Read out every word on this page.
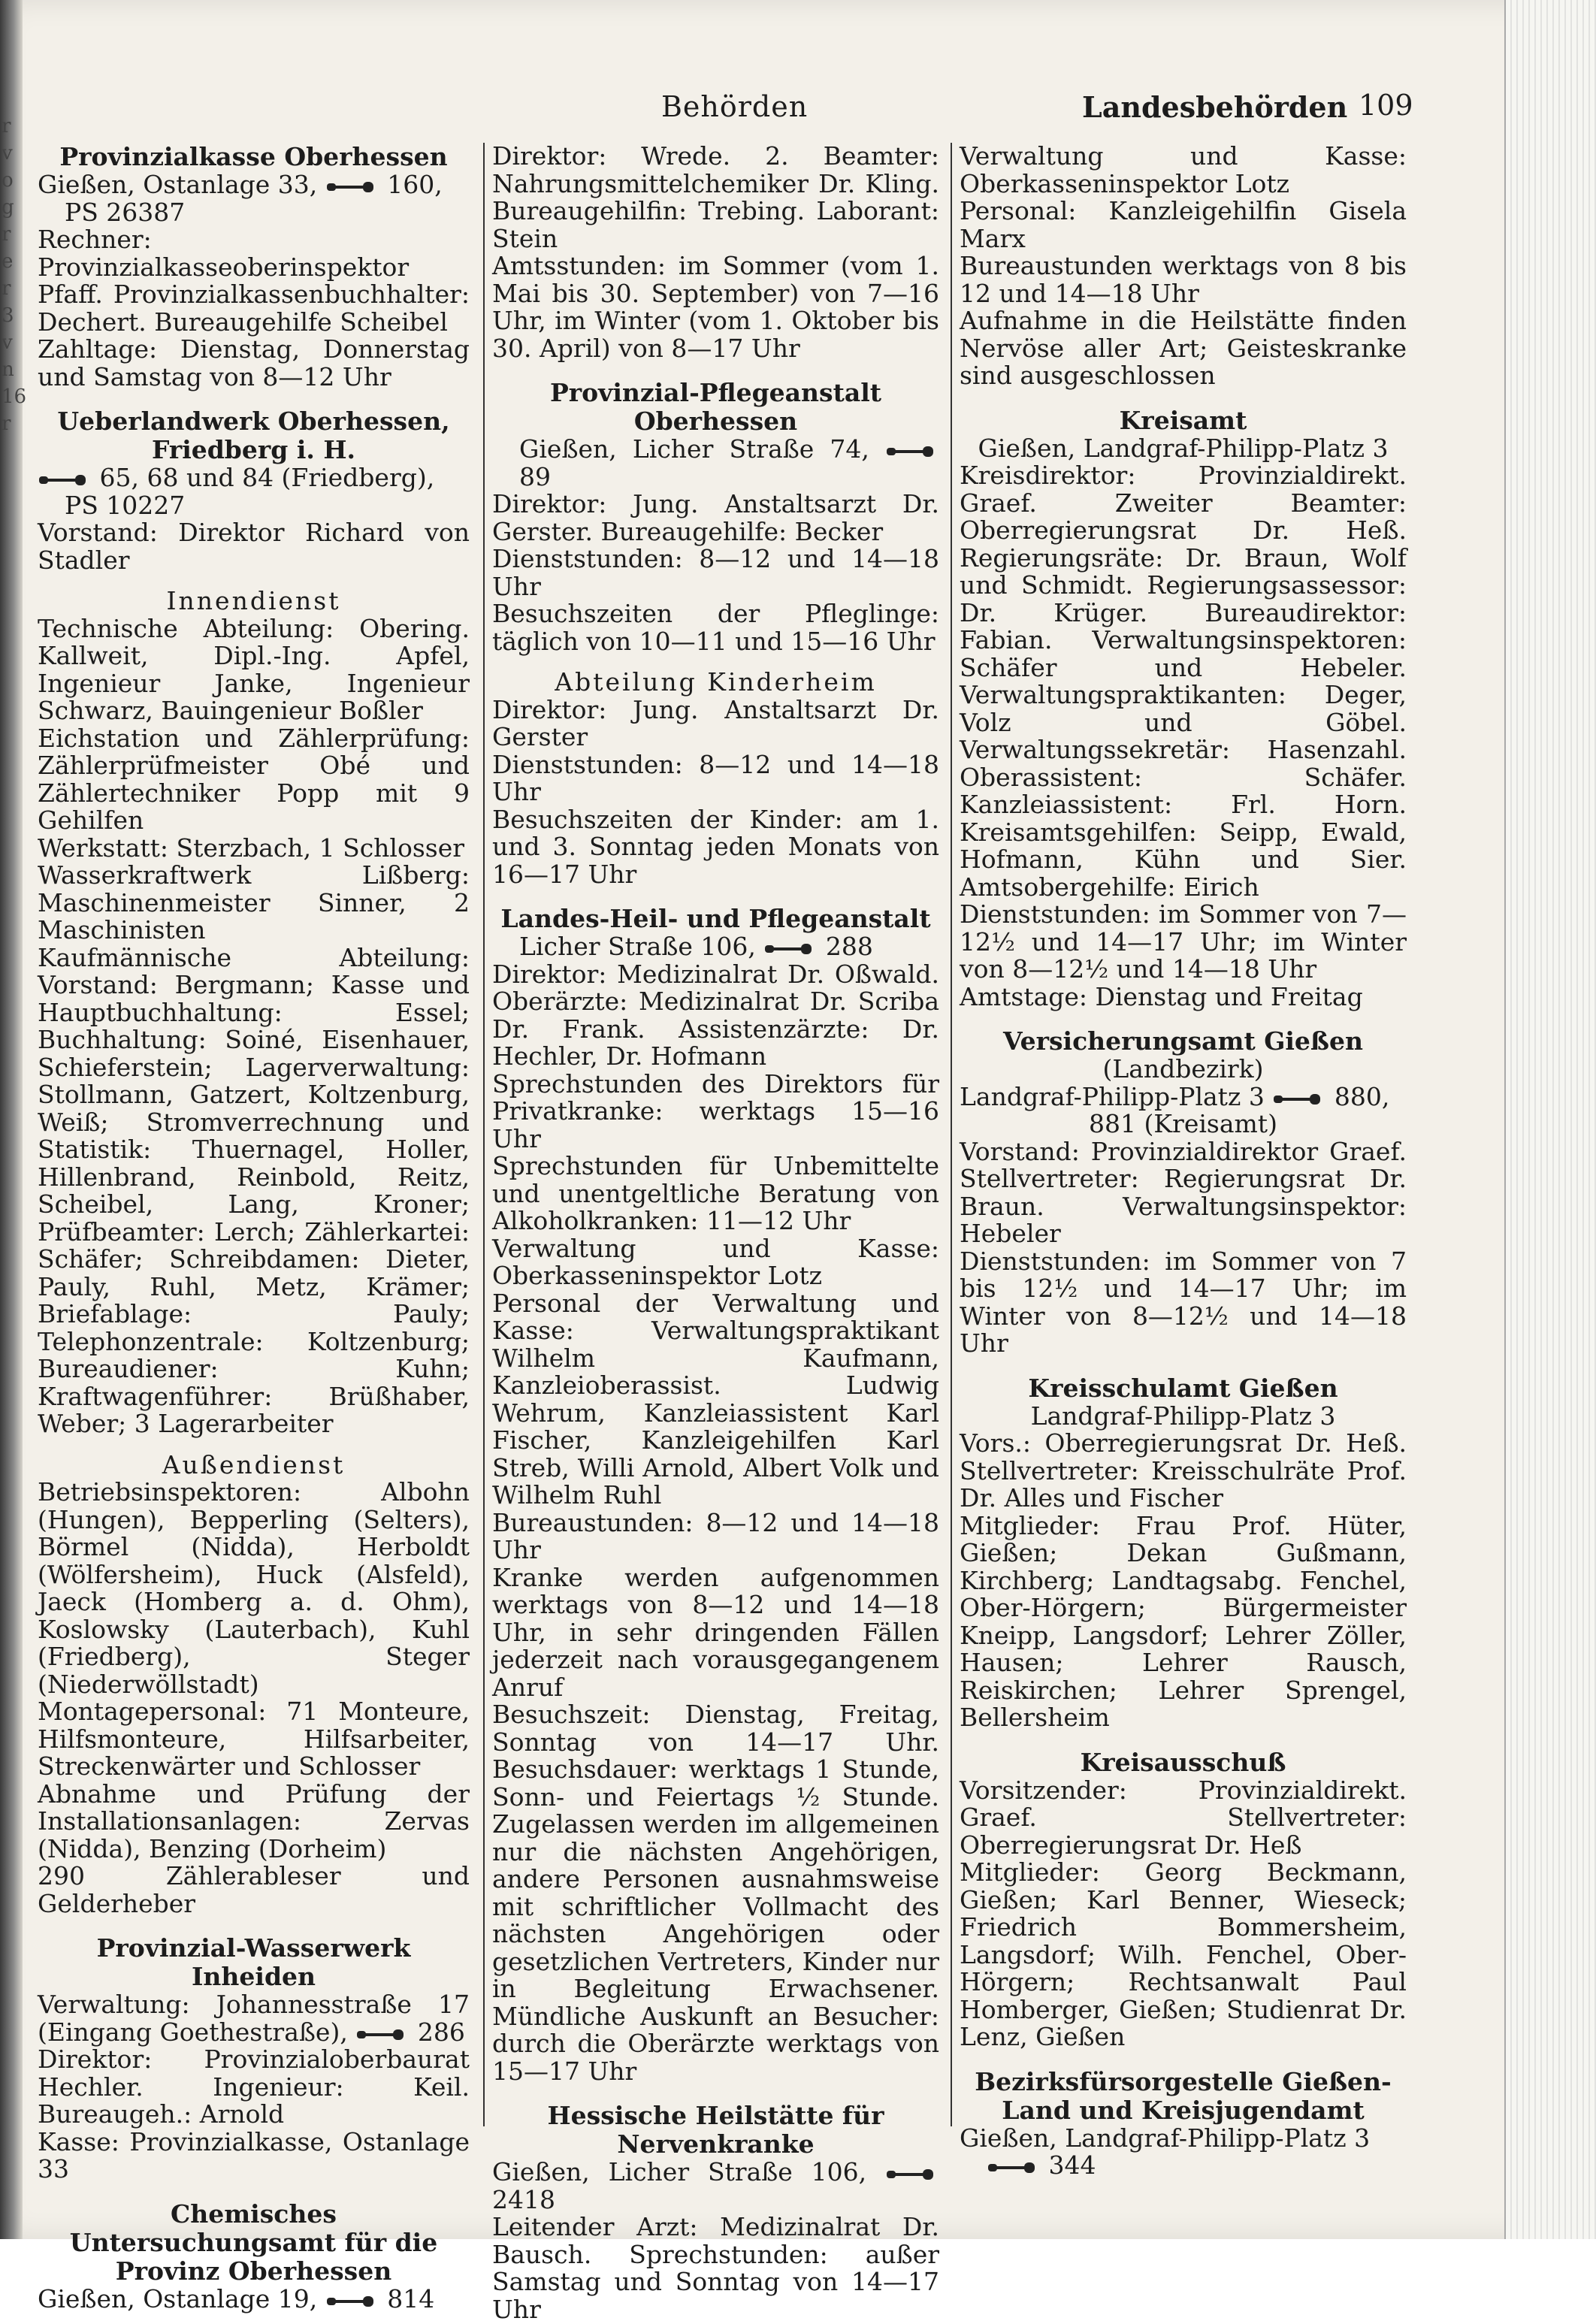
Behörden	Landesbehörden 109
Provinzialkasse Oberhessen
Gießen, Ostanlage 33,	160,
PS 26387
Rechner: Provinzialkasseoberinspektor Pfaff. Provinzialkassenbuchhalter: Dechert. Bureaugehilfe Scheibel
Zahltage: Dienstag, Donnerstag und Samstag von 8—12 Uhr
Ueberlandwerk Oberhessen, Friedberg i. H.
65, 68 und 84 (Friedberg),
PS 10227
Vorstand: Direktor Richard von Stadler
Innendienst
Technische Abteilung: Obering. Kallweit, Dipl.-Ing. Apfel, Ingenieur Janke, Ingenieur Schwarz, Bauingenieur Boßler
Eichstation und Zählerprüfung: Zählerprüfmeister Obé und Zählertechniker Popp mit 9 Gehilfen
Werkstatt: Sterzbach, 1 Schlosser
Wasserkraftwerk Lißberg: Maschinenmeister Sinner, 2 Maschinisten
Kaufmännische Abteilung: Vorstand: Bergmann; Kasse und Hauptbuchhaltung: Essel; Buchhaltung: Soiné, Eisenhauer, Schieferstein; Lagerverwaltung: Stollmann, Gatzert, Koltzenburg, Weiß; Stromverrechnung und Statistik: Thuernagel, Holler, Hillenbrand, Reinbold, Reitz, Scheibel, Lang, Kroner; Prüfbeamter: Lerch; Zählerkartei: Schäfer; Schreibdamen: Dieter, Pauly, Ruhl, Metz, Krämer; Briefablage: Pauly; Telephonzentrale: Koltzenburg; Bureaudiener: Kuhn; Kraftwagenführer: Brüßhaber, Weber; 3 Lagerarbeiter
Außendienst
Betriebsinspektoren: Albohn (Hungen), Bepperling (Selters), Börmel (Nidda), Herboldt (Wölfersheim), Huck (Alsfeld), Jaeck (Homberg a. d. Ohm), Koslowsky (Lauterbach), Kuhl (Friedberg), Steger (Niederwöllstadt)
Montagepersonal: 71 Monteure, Hilfsmonteure, Hilfsarbeiter, Streckenwärter und Schlosser
Abnahme und Prüfung der Installationsanlagen: Zervas (Nidda), Benzing (Dorheim)
290 Zählerableser und Gelderheber
Provinzial-Wasserwerk Inheiden
Verwaltung: Johannesstraße 17 (Eingang Goethestraße),	286
Direktor: Provinzialoberbaurat Hechler. Ingenieur: Keil. Bureaugeh.: Arnold
Kasse: Provinzialkasse, Ostanlage 33
Chemisches Untersuchungsamt für die Provinz Oberhessen
Gießen, Ostanlage 19,	814
Direktor: Wrede. 2. Beamter: Nahrungsmittelchemiker Dr. Kling. Bureaugehilfin: Trebing. Laborant: Stein
Amtsstunden: im Sommer (vom 1. Mai bis 30. September) von 7—16 Uhr, im Winter (vom 1. Oktober bis 30. April) von 8—17 Uhr
Provinzial-Pflegeanstalt Oberhessen
Gießen, Licher Straße 74,
89
Direktor: Jung. Anstaltsarzt Dr. Gerster. Bureaugehilfe: Becker
Dienststunden: 8—12 und 14—18 Uhr
Besuchszeiten der Pfleglinge: täglich von 10—11 und 15—16 Uhr
Abteilung Kinderheim
Direktor: Jung. Anstaltsarzt Dr. Gerster
Dienststunden: 8—12 und 14—18 Uhr
Besuchszeiten der Kinder: am 1. und 3. Sonntag jeden Monats von 16—17 Uhr
Landes-Heil- und Pflegeanstalt
Licher Straße 106,	288
Direktor: Medizinalrat Dr. Oßwald. Oberärzte: Medizinalrat Dr. Scriba Dr. Frank. Assistenzärzte: Dr. Hechler, Dr. Hofmann
Sprechstunden des Direktors für Privatkranke: werktags 15—16 Uhr
Sprechstunden für Unbemittelte und unentgeltliche Beratung von Alkoholkranken: 11—12 Uhr
Verwaltung und Kasse: Oberkasseninspektor Lotz
Personal der Verwaltung und Kasse: Verwaltungspraktikant Wilhelm Kaufmann, Kanzleioberassist. Ludwig Wehrum, Kanzleiassistent Karl Fischer, Kanzleigehilfen Karl Streb, Willi Arnold, Albert Volk und Wilhelm Ruhl
Bureaustunden: 8—12 und 14—18 Uhr
Kranke werden aufgenommen werktags von 8—12 und 14—18 Uhr, in sehr dringenden Fällen jederzeit nach vorausgegangenem Anruf
Besuchszeit: Dienstag, Freitag, Sonntag von 14—17 Uhr. Besuchsdauer: werktags 1 Stunde, Sonn- und Feiertags ½ Stunde. Zugelassen werden im allgemeinen nur die nächsten Angehörigen, andere Personen ausnahmsweise mit schriftlicher Vollmacht des nächsten Angehörigen oder gesetzlichen Vertreters, Kinder nur in Begleitung Erwachsener. Mündliche Auskunft an Besucher: durch die Oberärzte werktags von 15—17 Uhr
Hessische Heilstätte für Nervenkranke
Gießen, Licher Straße 106,
2418
Leitender Arzt: Medizinalrat Dr. Bausch. Sprechstunden: außer Samstag und Sonntag von 14—17 Uhr
Verwaltung und Kasse: Oberkasseninspektor Lotz
Personal: Kanzleigehilfin Gisela Marx
Bureaustunden werktags von 8 bis 12 und 14—18 Uhr
Aufnahme in die Heilstätte finden Nervöse aller Art; Geisteskranke sind ausgeschlossen
Kreisamt
Gießen, Landgraf-Philipp-Platz 3
Kreisdirektor: Provinzialdirekt. Graef. Zweiter Beamter: Oberregierungsrat Dr. Heß. Regierungsräte: Dr. Braun, Wolf und Schmidt. Regierungsassessor: Dr. Krüger. Bureaudirektor: Fabian. Verwaltungsinspektoren: Schäfer und Hebeler. Verwaltungspraktikanten: Deger, Volz und Göbel. Verwaltungssekretär: Hasenzahl. Oberassistent: Schäfer. Kanzleiassistent: Frl. Horn. Kreisamtsgehilfen: Seipp, Ewald, Hofmann, Kühn und Sier. Amtsobergehilfe: Eirich
Dienststunden: im Sommer von 7—12½ und 14—17 Uhr; im Winter von 8—12½ und 14—18 Uhr
Amtstage: Dienstag und Freitag
Versicherungsamt Gießen
(Landbezirk)
Landgraf-Philipp-Platz 3	880,
881 (Kreisamt)
Vorstand: Provinzialdirektor Graef. Stellvertreter: Regierungsrat Dr. Braun. Verwaltungsinspektor: Hebeler
Dienststunden: im Sommer von 7 bis 12½ und 14—17 Uhr; im Winter von 8—12½ und 14—18 Uhr
Kreisschulamt Gießen
Landgraf-Philipp-Platz 3
Vors.: Oberregierungsrat Dr. Heß. Stellvertreter: Kreisschulräte Prof. Dr. Alles und Fischer
Mitglieder: Frau Prof. Hüter, Gießen; Dekan Gußmann, Kirchberg; Landtagsabg. Fenchel, Ober-Hörgern; Bürgermeister Kneipp, Langsdorf; Lehrer Zöller, Hausen; Lehrer Rausch, Reiskirchen; Lehrer Sprengel, Bellersheim
Kreisausschuß
Vorsitzender: Provinzialdirekt. Graef. Stellvertreter: Oberregierungsrat Dr. Heß
Mitglieder: Georg Beckmann, Gießen; Karl Benner, Wieseck; Friedrich Bommersheim, Langsdorf; Wilh. Fenchel, Ober-Hörgern; Rechtsanwalt Paul Homberger, Gießen; Studienrat Dr. Lenz, Gießen
Bezirksfürsorgestelle Gießen-Land und Kreisjugendamt
Gießen, Landgraf-Philipp-Platz 3
344
r
v
o
g
r
e
r
3
v
n
16
r
